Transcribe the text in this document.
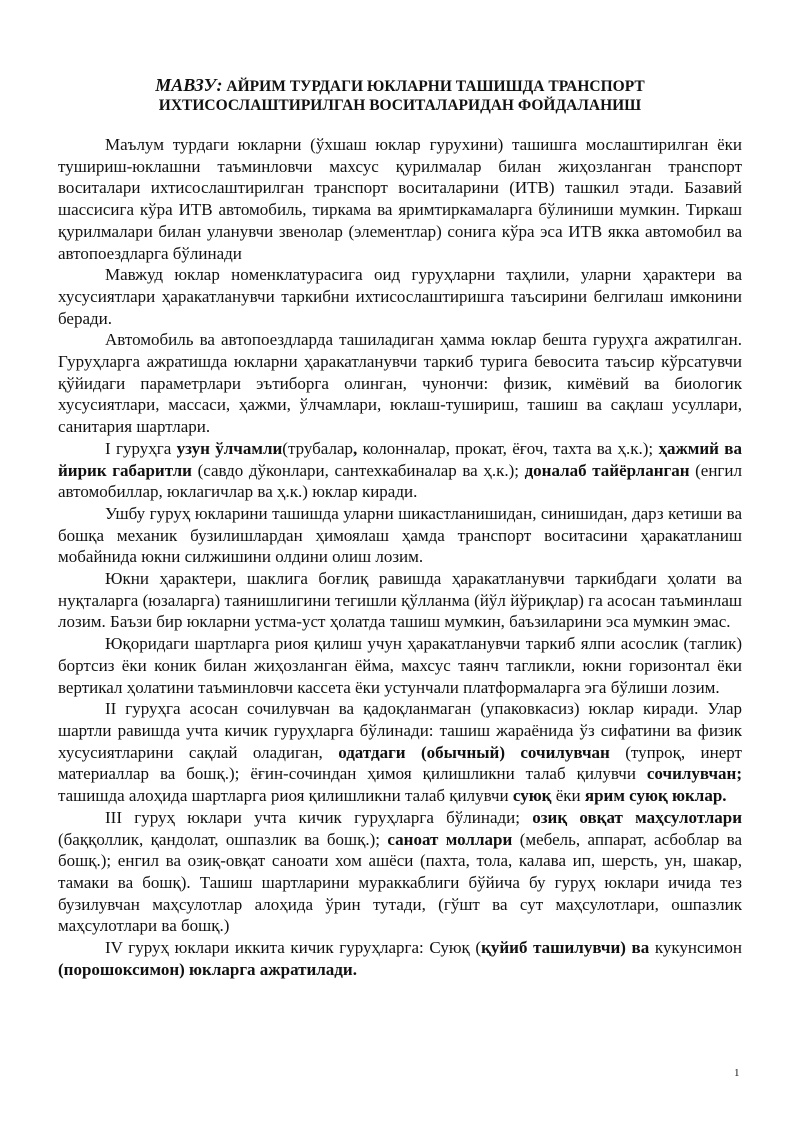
МАВЗУ: АЙРИМ ТУРДАГИ ЮКЛАРНИ ТАШИШДА ТРАНСПОРТ ИХТИСОСЛАШТИРИЛГАН ВОСИТАЛАРИДАН ФОЙДАЛАНИШ

Маълум турдаги юкларни (ўхшаш юклар гурухини) ташишга мослаштирилган ёки тушириш-юклашни таъминловчи махсус қурилмалар билан жиҳозланган транспорт воситалари ихтисослаштирилган транспорт воситаларини (ИТВ) ташкил этади. Базавий шассисига кўра ИТВ автомобиль, тиркама ва яримтиркамаларга бўлиниши мумкин. Тиркаш қурилмалари билан уланувчи звенолар (элементлар) сонига кўра эса ИТВ якка автомобил ва автопоездларга бўлинади

Мавжуд юклар номенклатурасига оид гуруҳларни таҳлили, уларни ҳарактери ва хусусиятлари ҳаракатланувчи таркибни ихтисослаштиришга таъсирини белгилаш имконини беради.

Автомобиль ва автопоездларда ташиладиган ҳамма юклар бешта гуруҳга ажратилган. Гуруҳларга ажратишда юкларни ҳаракатланувчи таркиб турига бевосита таъсир кўрсатувчи қўйидаги параметрлари эътиборга олинган, чунончи: физик, кимёвий ва биологик хусусиятлари, массаси, ҳажми, ўлчамлари, юклаш-тушириш, ташиш ва сақлаш усуллари, санитария шартлари.

I гуруҳга узун ўлчамли(трубалар, колонналар, прокат, ёғоч, тахта ва ҳ.к.); ҳажмий ва йирик габаритли (савдо дўконлари, сантехкабиналар ва ҳ.к.); доналаб тайёрланган (енгил автомобиллар, юклагичлар ва ҳ.к.) юклар киради.

Ушбу гуруҳ юкларини ташишда уларни шикастланишидан, синишидан, дарз кетиши ва бошқа механик бузилишлардан ҳимоялаш ҳамда транспорт воситасини ҳаракатланиш мобайнида юкни силжишини олдини олиш лозим.

Юкни ҳарактери, шаклига боғлиқ равишда ҳаракатланувчи таркибдаги ҳолати ва нуқталарга (юзаларга) таянишлигини тегишли қўлланма (йўл йўриқлар) га асосан таъминлаш лозим. Баъзи бир юкларни устма-уст ҳолатда ташиш мумкин, баъзиларини эса мумкин эмас.

Юқоридаги шартларга риоя қилиш учун ҳаракатланувчи таркиб ялпи асослик (таглик) бортсиз ёки коник билан жиҳозланган ёйма, махсус таянч тагликли, юкни горизонтал ёки вертикал ҳолатини таъминловчи кассета ёки устунчали платформаларга эга бўлиши лозим.

II гуруҳга асосан сочилувчан ва қадоқланмаган (упаковкасиз) юклар киради. Улар шартли равишда учта кичик гуруҳларга бўлинади: ташиш жараёнида ўз сифатини ва физик хусусиятларини сақлай оладиган, одатдаги (обычный) сочилувчан (тупроқ, инерт материаллар ва бошқ.); ёғин-сочиндан ҳимоя қилишликни талаб қилувчи сочилувчан; ташишда алоҳида шартларга риоя қилишликни талаб қилувчи суюқ ёки ярим суюқ юклар.

III гуруҳ юклари учта кичик гуруҳларга бўлинади; озиқ овқат маҳсулотлари (баққоллик, қандолат, ошпазлик ва бошқ.); саноат моллари (мебель, аппарат, асбоблар ва бошқ.); енгил ва озиқ-овқат саноати хом ашёси (пахта, тола, калава ип, шерсть, ун, шакар, тамаки ва бошқ). Ташиш шартларини мураккаблиги бўйича бу гуруҳ юклари ичида тез бузилувчан маҳсулотлар алоҳида ўрин тутади, (гўшт ва сут маҳсулотлари, ошпазлик маҳсулотлари ва бошқ.)

IV гуруҳ юклари иккита кичик гуруҳларга: Суюқ (қуйиб ташилувчи) ва кукунсимон (порошоксимон) юкларга ажратилади.

1
